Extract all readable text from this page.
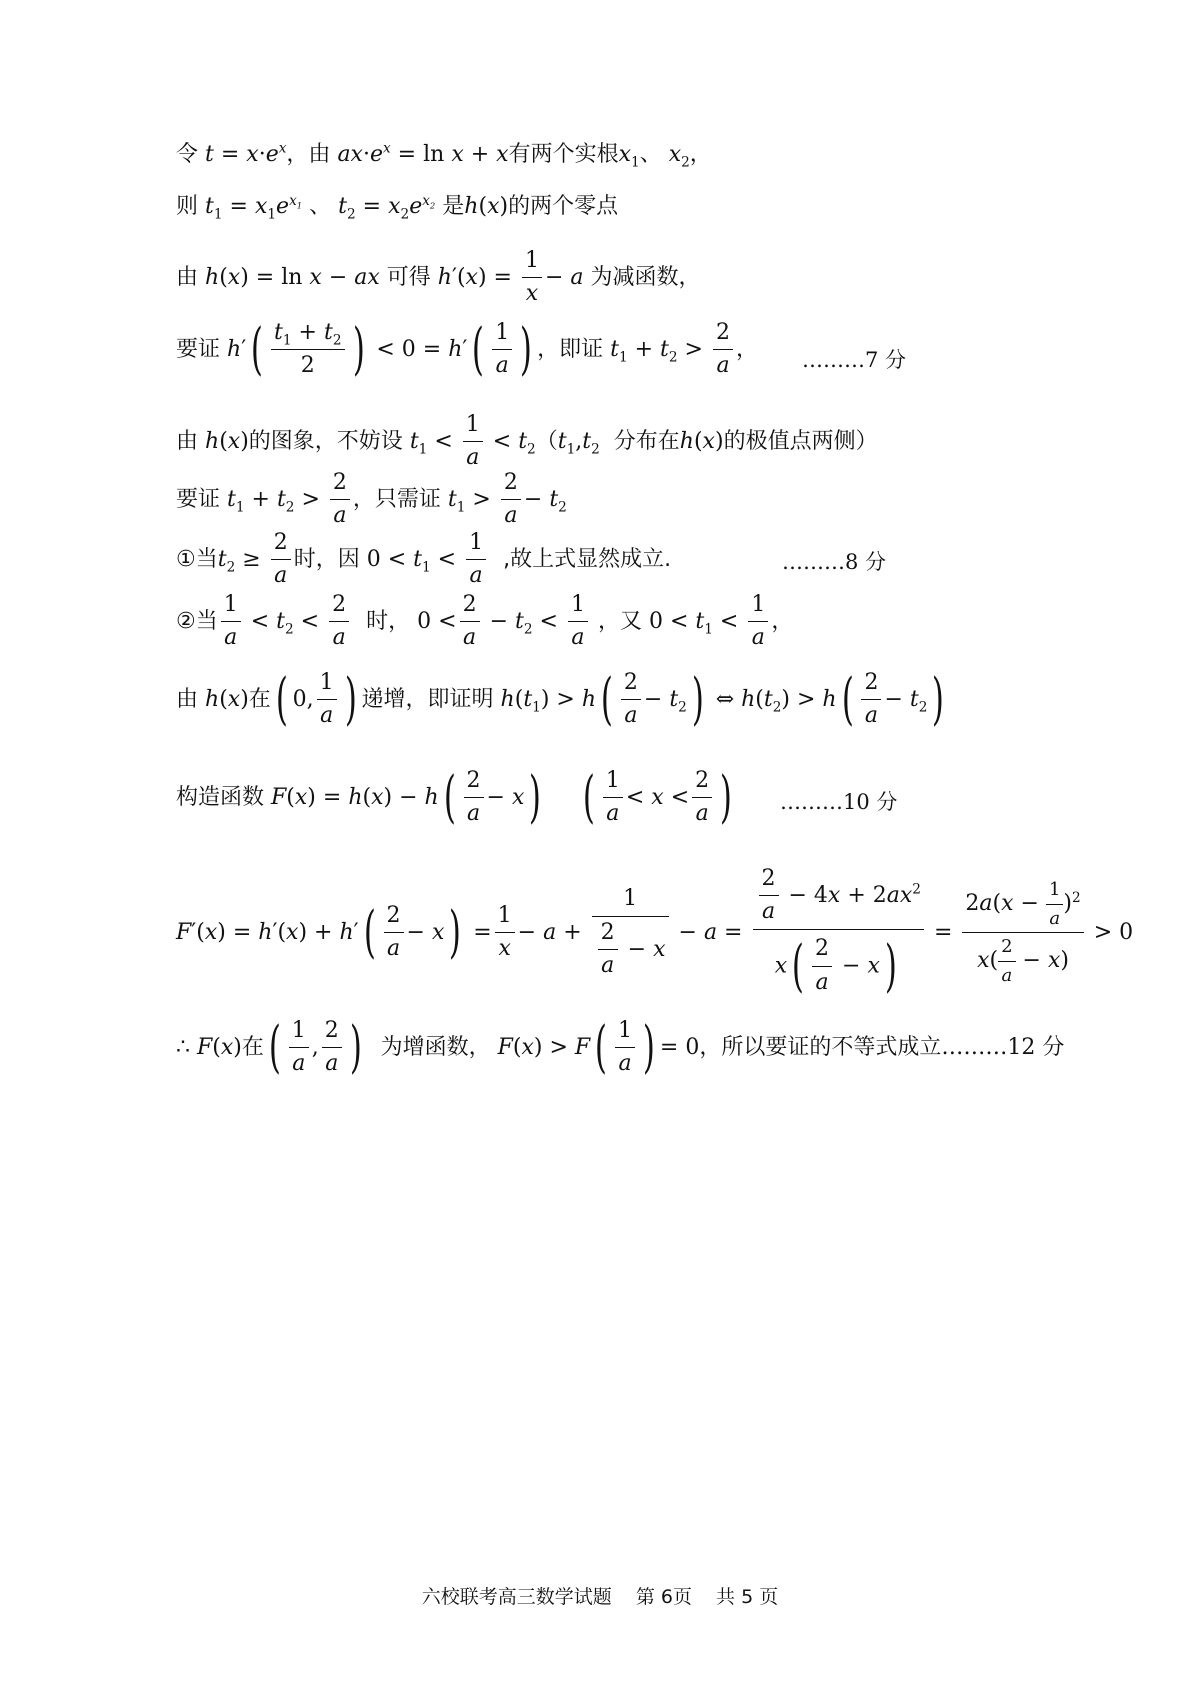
令 $t = x\cdot e^x$，由 $ax\cdot e^x = \ln x + x$有两个实根$x_1$、 $x_2$，
则 $t_1 = x_1e^{x_1}$ 、 $t_2 = x_2e^{x_2}$ 是h(x)的两个零点
由 h(x) = ln x − ax 可得 $h'(x) = \frac{1}{x} - a$ 为减函数，
要证 $h'( \frac{t_1 + t_2}{2}$ ) < $0 = h'( \frac{1}{a}$ ) ，即证 $t_1 + t_2 > \frac{2}{a}$ ， ………7 分
由 h(x)的图象，不妨设 $t_1 < \frac{1}{a} < t_2(t_1,t_2$ 分布在h(x)的极值点两侧）
要证 $t_1 + t_2 > \frac{2}{a}$ ，只需证 $t_1 > \frac{2}{a} - t_2$
①当$t_2 \ge \frac{2}{a}$ 时，因 $0 < t_1 < \frac{1}{a}$ ,故上式显然成立.	………8 分
②当 $\frac{1}{a} < t_2 < \frac{2}{a}$ 时， $0 < \frac{2}{a} - t_2 < \frac{1}{a}$ ，又 $0 < t_1 < \frac{1}{a}$ ，
由 h(x)在( 0, $\frac{1}{a}$ ) 递增，即证明 $h(t_1) > h( \frac{2}{a} - t_2)$ ⇔ $h(t_2) > h( \frac{2}{a} - t_2)$
构造函数 $F(x) = h(x) - h( \frac{2}{a} - x)$ ( $\frac{1}{a} < x < \frac{2}{a}$ ) ………10 分
$F'(x) = h'(x) + h'( \frac{2}{a} - x) = \frac{1}{x} - a + \frac{1}{\frac{2}{a} - x} - a = \frac{\frac{2}{a} - 4x + 2ax^2}{x( \frac{2}{a} - x)} = \frac{2a(x - \frac{1}{a} )^2}{x( \frac{2}{a} - x)} > 0$
∴ F(x)在( $\frac{1}{a}$ , $\frac{2}{a}$ ) 为增函数， $F(x) > F( \frac{1}{a}$ ) = 0，所以要证的不等式成立………12 分
六校联考高三数学试题 第 6页 共 5 页
